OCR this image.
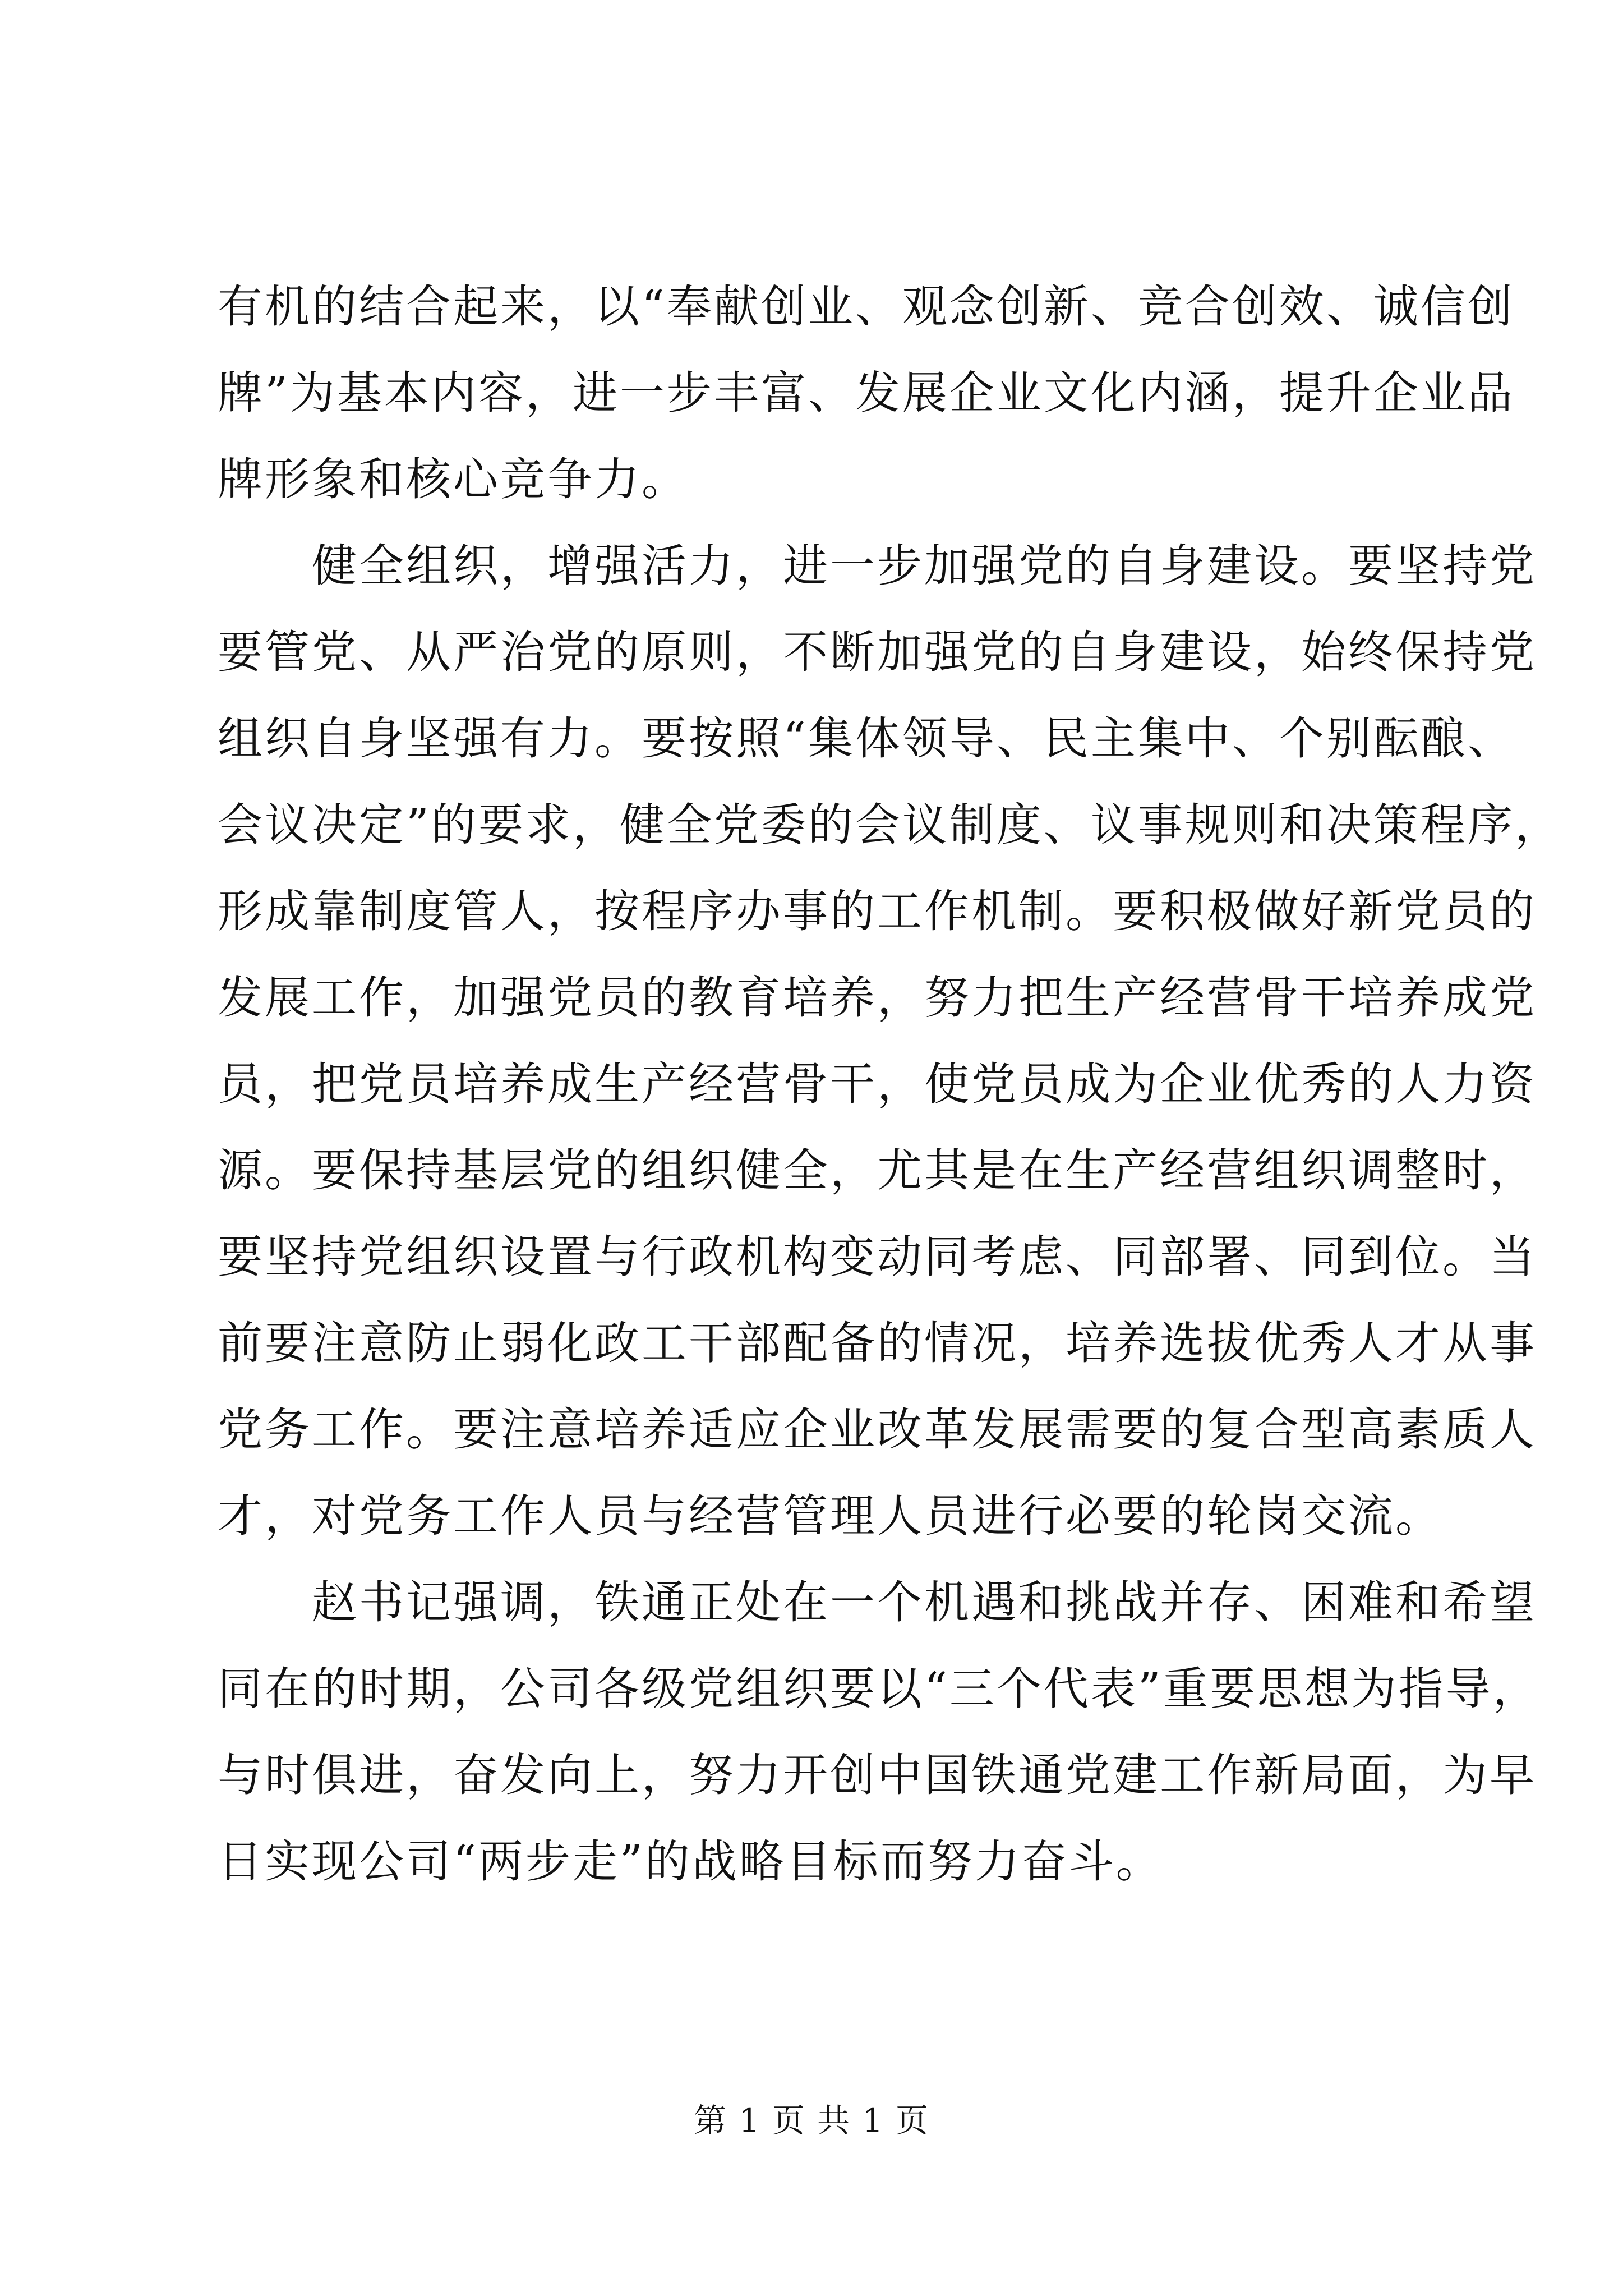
有机的结合起来，以“奉献创业、观念创新、竞合创效、诚信创
牌”为基本内容，进一步丰富、发展企业文化内涵，提升企业品
牌形象和核心竞争力。
　　健全组织，增强活力，进一步加强党的自身建设。要坚持党
要管党、从严治党的原则，不断加强党的自身建设，始终保持党
组织自身坚强有力。要按照“集体领导、民主集中、个别酝酿、
会议决定”的要求，健全党委的会议制度、议事规则和决策程序，
形成靠制度管人，按程序办事的工作机制。要积极做好新党员的
发展工作，加强党员的教育培养，努力把生产经营骨干培养成党
员，把党员培养成生产经营骨干，使党员成为企业优秀的人力资
源。要保持基层党的组织健全，尤其是在生产经营组织调整时，
要坚持党组织设置与行政机构变动同考虑、同部署、同到位。当
前要注意防止弱化政工干部配备的情况，培养选拔优秀人才从事
党务工作。要注意培养适应企业改革发展需要的复合型高素质人
才，对党务工作人员与经营管理人员进行必要的轮岗交流。
　　赵书记强调，铁通正处在一个机遇和挑战并存、困难和希望
同在的时期，公司各级党组织要以“三个代表”重要思想为指导，
与时俱进，奋发向上，努力开创中国铁通党建工作新局面，为早
日实现公司“两步走”的战略目标而努力奋斗。
第 1 页 共 1 页
